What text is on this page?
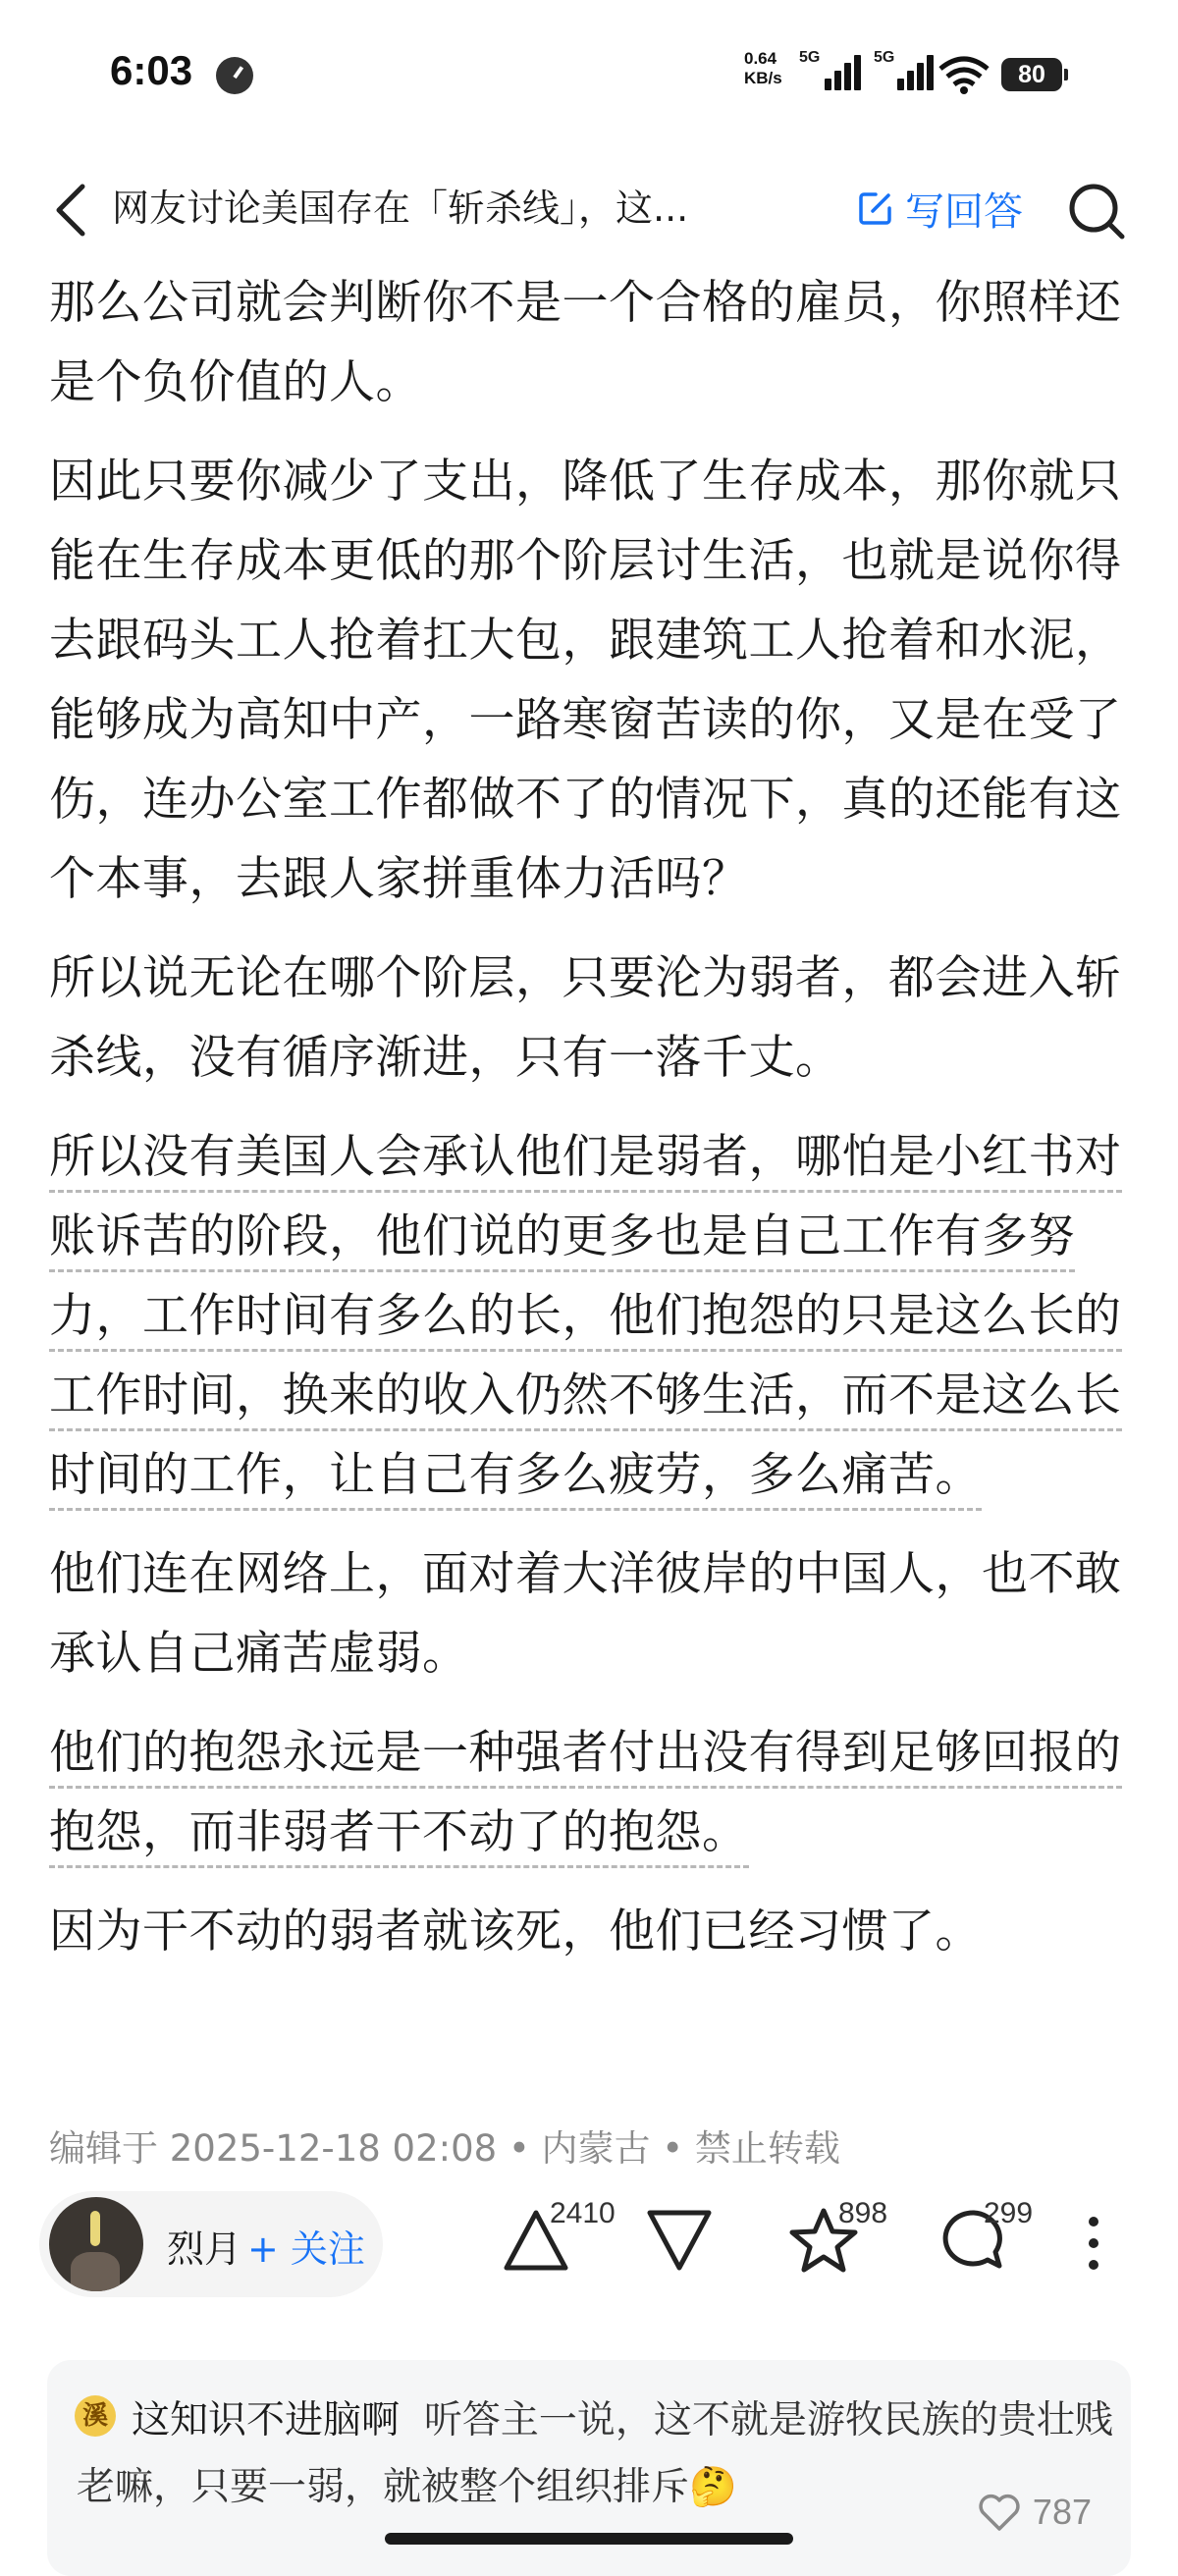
6:03	0.64
KB/s
5G	5G
80
网友讨论美国存在「斩杀线」，这...	写回答

那么公司就会判断你不是一个合格的雇员，你照样还是个负价值的人。

因此只要你减少了支出，降低了生存成本，那你就只能在生存成本更低的那个阶层讨生活，也就是说你得去跟码头工人抢着扛大包，跟建筑工人抢着和水泥，能够成为高知中产，一路寒窗苦读的你，又是在受了伤，连办公室工作都做不了的情况下，真的还能有这个本事，去跟人家拼重体力活吗？

所以说无论在哪个阶层，只要沦为弱者，都会进入斩杀线，没有循序渐进，只有一落千丈。

所以没有美国人会承认他们是弱者，哪怕是小红书对账诉苦的阶段，他们说的更多也是自己工作有多努力，工作时间有多么的长，他们抱怨的只是这么长的工作时间，换来的收入仍然不够生活，而不是这么长时间的工作，让自己有多么疲劳，多么痛苦。

他们连在网络上，面对着大洋彼岸的中国人，也不敢承认自己痛苦虚弱。

他们的抱怨永远是一种强者付出没有得到足够回报的抱怨，而非弱者干不动了的抱怨。

因为干不动的弱者就该死，他们已经习惯了。

编辑于 2025-12-18 02:08 • 内蒙古 • 禁止转载
烈月 + 关注
2410	898	299
溪 这知识不进脑啊 听答主一说，这不就是游牧民族的贵壮贱老嘛，只要一弱，就被整个组织排斥🤔
787
